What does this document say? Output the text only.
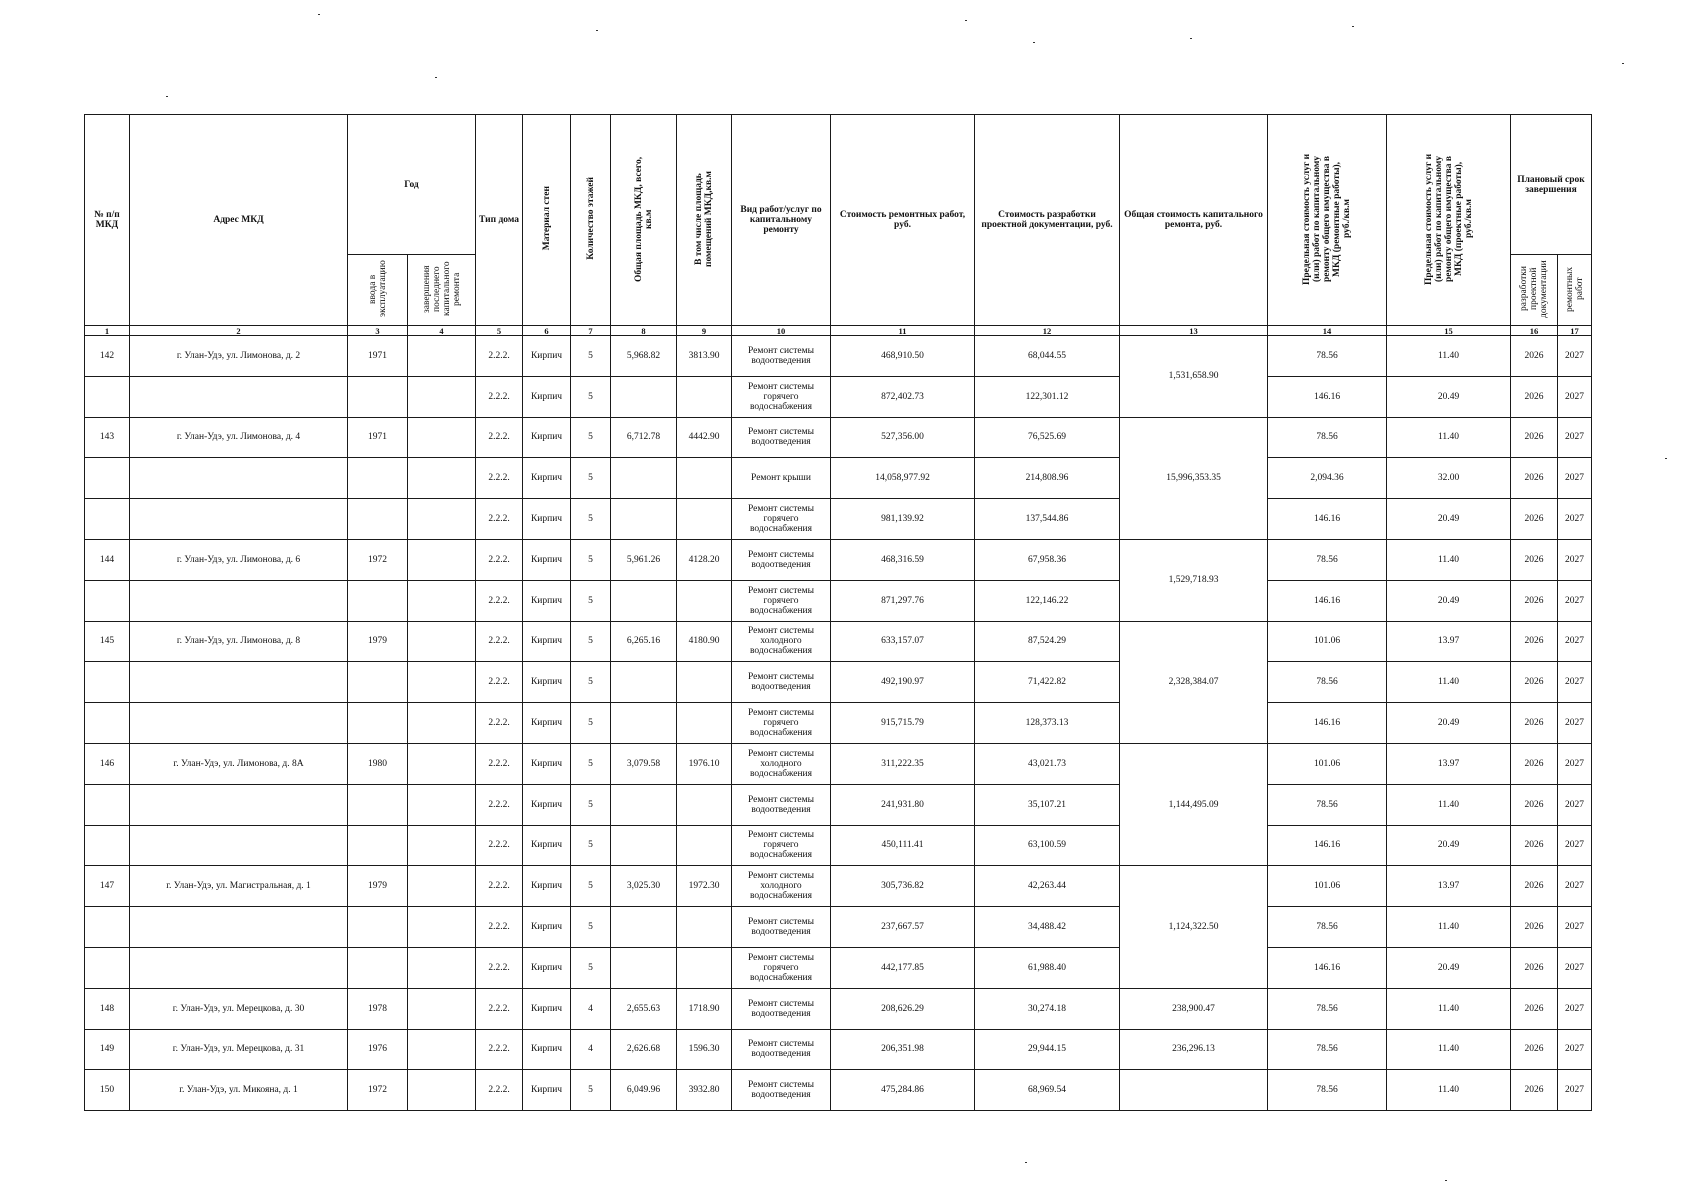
№ п/п МКД	Адрес МКД	Год		Тип дома	Материал стен	Количество этажей	Общая площадь МКД, всего, кв.м	В том числе площадь помещений МКД,кв.м	Вид работ/услуг по капитальному ремонту	Стоимость ремонтных работ, руб.	Стоимость разработки проектной документации, руб.	Общая стоимость капитального ремонта, руб.	Предельная стоимость услуг и (или) работ по капитальному ремонту общего имущества в МКД (ремонтные работы), руб./кв.м	Предельная стоимость услуг и (или) работ по капитальному ремонту общего имущества в МКД (проектные работы), руб./кв.м	Плановый срок завершения	
		ввода в эксплуатацию	завершения последнего капитального ремонта												разработки проектной документации	ремонтных работ
1	2	3	4	5	6	7	8	9	10	11	12	13	14	15	16	17
142	г. Улан-Удэ, ул. Лимонова, д. 2	1971		2.2.2.	Кирпич	5	5,968.82	3813.90	Ремонт системы водоотведения	468,910.50	68,044.55	1,531,658.90	78.56	11.40	2026	2027
				2.2.2.	Кирпич	5			Ремонт системы горячего водоснабжения	872,402.73	122,301.12		146.16	20.49	2026	2027
143	г. Улан-Удэ, ул. Лимонова, д. 4	1971		2.2.2.	Кирпич	5	6,712.78	4442.90	Ремонт системы водоотведения	527,356.00	76,525.69	15,996,353.35	78.56	11.40	2026	2027
				2.2.2.	Кирпич	5			Ремонт крыши	14,058,977.92	214,808.96		2,094.36	32.00	2026	2027
				2.2.2.	Кирпич	5			Ремонт системы горячего водоснабжения	981,139.92	137,544.86		146.16	20.49	2026	2027
144	г. Улан-Удэ, ул. Лимонова, д. 6	1972		2.2.2.	Кирпич	5	5,961.26	4128.20	Ремонт системы водоотведения	468,316.59	67,958.36	1,529,718.93	78.56	11.40	2026	2027
				2.2.2.	Кирпич	5			Ремонт системы горячего водоснабжения	871,297.76	122,146.22		146.16	20.49	2026	2027
145	г. Улан-Удэ, ул. Лимонова, д. 8	1979		2.2.2.	Кирпич	5	6,265.16	4180.90	Ремонт системы холодного водоснабжения	633,157.07	87,524.29	2,328,384.07	101.06	13.97	2026	2027
				2.2.2.	Кирпич	5			Ремонт системы водоотведения	492,190.97	71,422.82		78.56	11.40	2026	2027
				2.2.2.	Кирпич	5			Ремонт системы горячего водоснабжения	915,715.79	128,373.13		146.16	20.49	2026	2027
146	г. Улан-Удэ, ул. Лимонова, д. 8А	1980		2.2.2.	Кирпич	5	3,079.58	1976.10	Ремонт системы холодного водоснабжения	311,222.35	43,021.73	1,144,495.09	101.06	13.97	2026	2027
				2.2.2.	Кирпич	5			Ремонт системы водоотведения	241,931.80	35,107.21		78.56	11.40	2026	2027
				2.2.2.	Кирпич	5			Ремонт системы горячего водоснабжения	450,111.41	63,100.59		146.16	20.49	2026	2027
147	г. Улан-Удэ, ул. Магистральная, д. 1	1979		2.2.2.	Кирпич	5	3,025.30	1972.30	Ремонт системы холодного водоснабжения	305,736.82	42,263.44	1,124,322.50	101.06	13.97	2026	2027
				2.2.2.	Кирпич	5			Ремонт системы водоотведения	237,667.57	34,488.42		78.56	11.40	2026	2027
				2.2.2.	Кирпич	5			Ремонт системы горячего водоснабжения	442,177.85	61,988.40		146.16	20.49	2026	2027
148	г. Улан-Удэ, ул. Мерецкова, д. 30	1978		2.2.2.	Кирпич	4	2,655.63	1718.90	Ремонт системы водоотведения	208,626.29	30,274.18	238,900.47	78.56	11.40	2026	2027
149	г. Улан-Удэ, ул. Мерецкова, д. 31	1976		2.2.2.	Кирпич	4	2,626.68	1596.30	Ремонт системы водоотведения	206,351.98	29,944.15	236,296.13	78.56	11.40	2026	2027
150	г. Улан-Удэ, ул. Микояна, д. 1	1972		2.2.2.	Кирпич	5	6,049.96	3932.80	Ремонт системы водоотведения	475,284.86	68,969.54		78.56	11.40	2026	2027
